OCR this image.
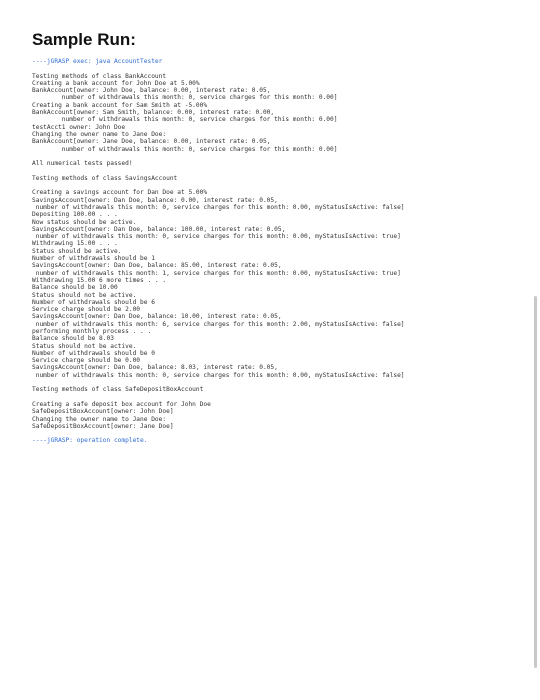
Sample Run:
----jGRASP exec: java AccountTester
Testing methods of class BankAccount
Creating a bank account for John Doe at 5.00%
BankAccount[owner: John Doe, balance: 0.00, interest rate: 0.05,
number of withdrawals this month: 0, service charges for this month: 0.00]
Creating a bank account for Sam Smith at -5.00%
BankAccount[owner: Sam Smith, balance: 0.00, interest rate: 0.00,
number of withdrawals this month: 0, service charges for this month: 0.00]
testAcct1 owner: John Doe
Changing the owner name to Jane Doe:
BankAccount[owner: Jane Doe, balance: 0.00, interest rate: 0.05,
number of withdrawals this month: 0, service charges for this month: 0.00]
All numerical tests passed!
Testing methods of class SavingsAccount
Creating a savings account for Dan Doe at 5.00%
SavingsAccount[owner: Dan Doe, balance: 0.00, interest rate: 0.05,
number of withdrawals this month: 0, service charges for this month: 0.00, myStatusIsActive: false]
Depositing 100.00 . . .
Now status should be active.
SavingsAccount[owner: Dan Doe, balance: 100.00, interest rate: 0.05,
number of withdrawals this month: 0, service charges for this month: 0.00, myStatusIsActive: true]
Withdrawing 15.00 . . .
Status should be active.
Number of withdrawals should be 1
SavingsAccount[owner: Dan Doe, balance: 85.00, interest rate: 0.05,
number of withdrawals this month: 1, service charges for this month: 0.00, myStatusIsActive: true]
Withdrawing 15.00 6 more times . . .
Balance should be 10.00
Status should not be active.
Number of withdrawals should be 6
Service charge should be 2.00
SavingsAccount[owner: Dan Doe, balance: 10.00, interest rate: 0.05,
number of withdrawals this month: 6, service charges for this month: 2.00, myStatusIsActive: false]
performing monthly process . . .
Balance should be 8.03
Status should not be active.
Number of withdrawals should be 0
Service charge should be 0.00
SavingsAccount[owner: Dan Doe, balance: 8.03, interest rate: 0.05,
number of withdrawals this month: 0, service charges for this month: 0.00, myStatusIsActive: false]
Testing methods of class SafeDepositBoxAccount
Creating a safe deposit box account for John Doe
SafeDepositBoxAccount[owner: John Doe]
Changing the owner name to Jane Doe:
SafeDepositBoxAccount[owner: Jane Doe]
----jGRASP: operation complete.
